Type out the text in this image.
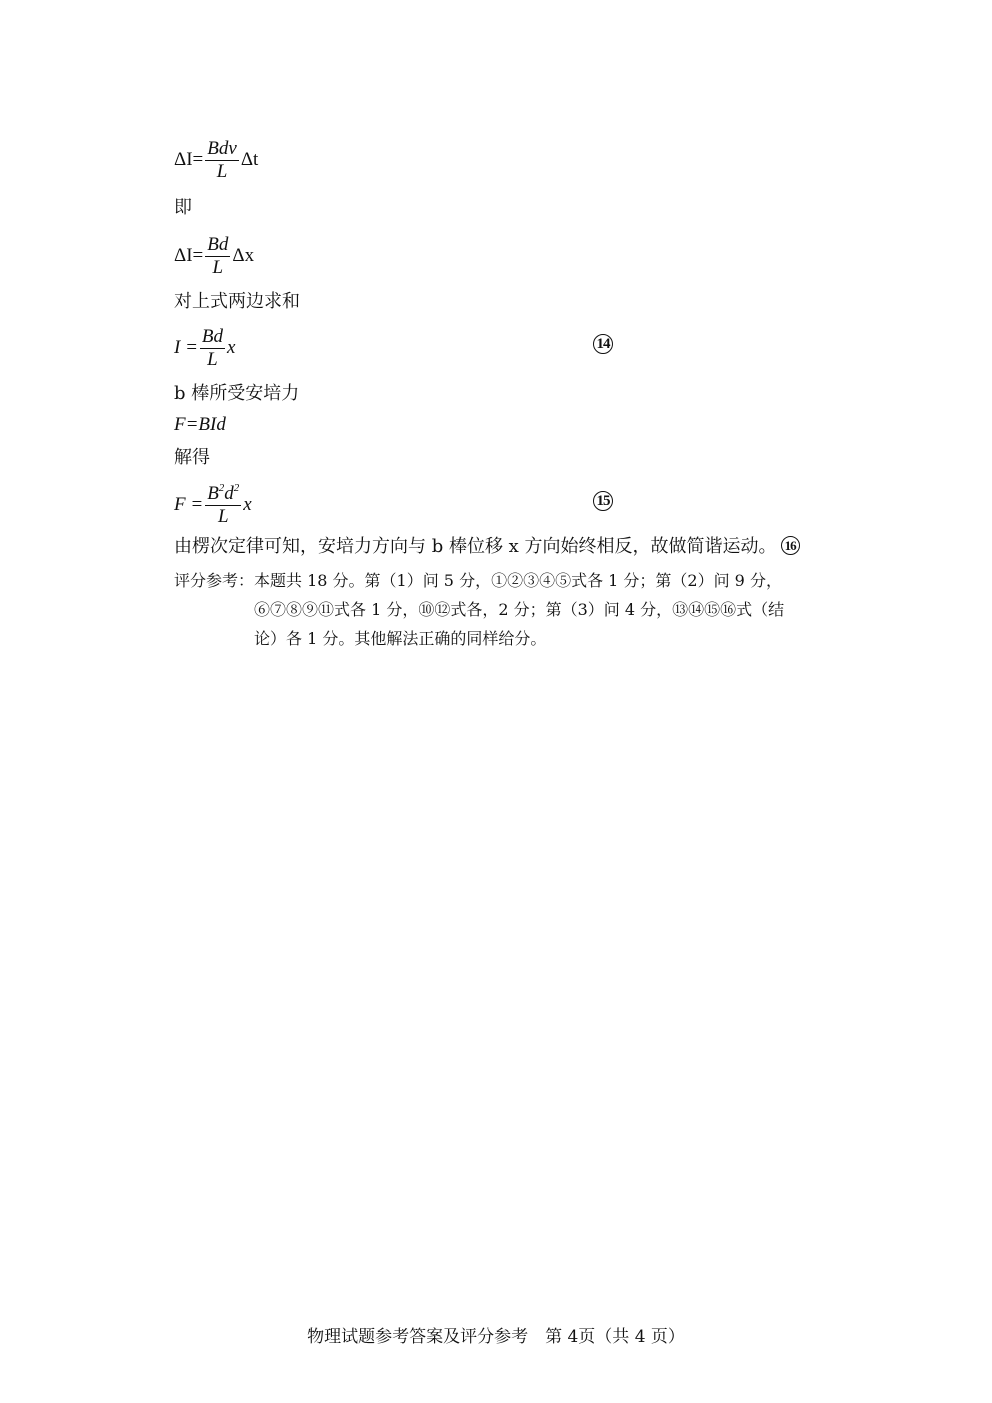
$\Delta I= \frac{\text{Bdv}}{L}$ Δt
即
$\Delta I= \frac{Bd}{L}$ Δx
对上式两边求和
$I = \frac{Bd}{L}$ x	14
b 棒所受安培力
F=BId
解得
$F = \frac{B^2d^2}{L}$ x	15
由楞次定律可知，安培力方向与 b 棒位移 x 方向始终相反，故做简谐运动。 16
评分参考：本题共 18 分。第（1）问 5 分，①②③④⑤式各 1 分；第（2）问 9 分，
⑥⑦⑧⑨⑪式各 1 分，⑩⑫式各，2 分；第（3）问 4 分，⑬⑭⑮⑯式（结
论）各 1 分。其他解法正确的同样给分。
物理试题参考答案及评分参考　第 4页（共 4 页）
